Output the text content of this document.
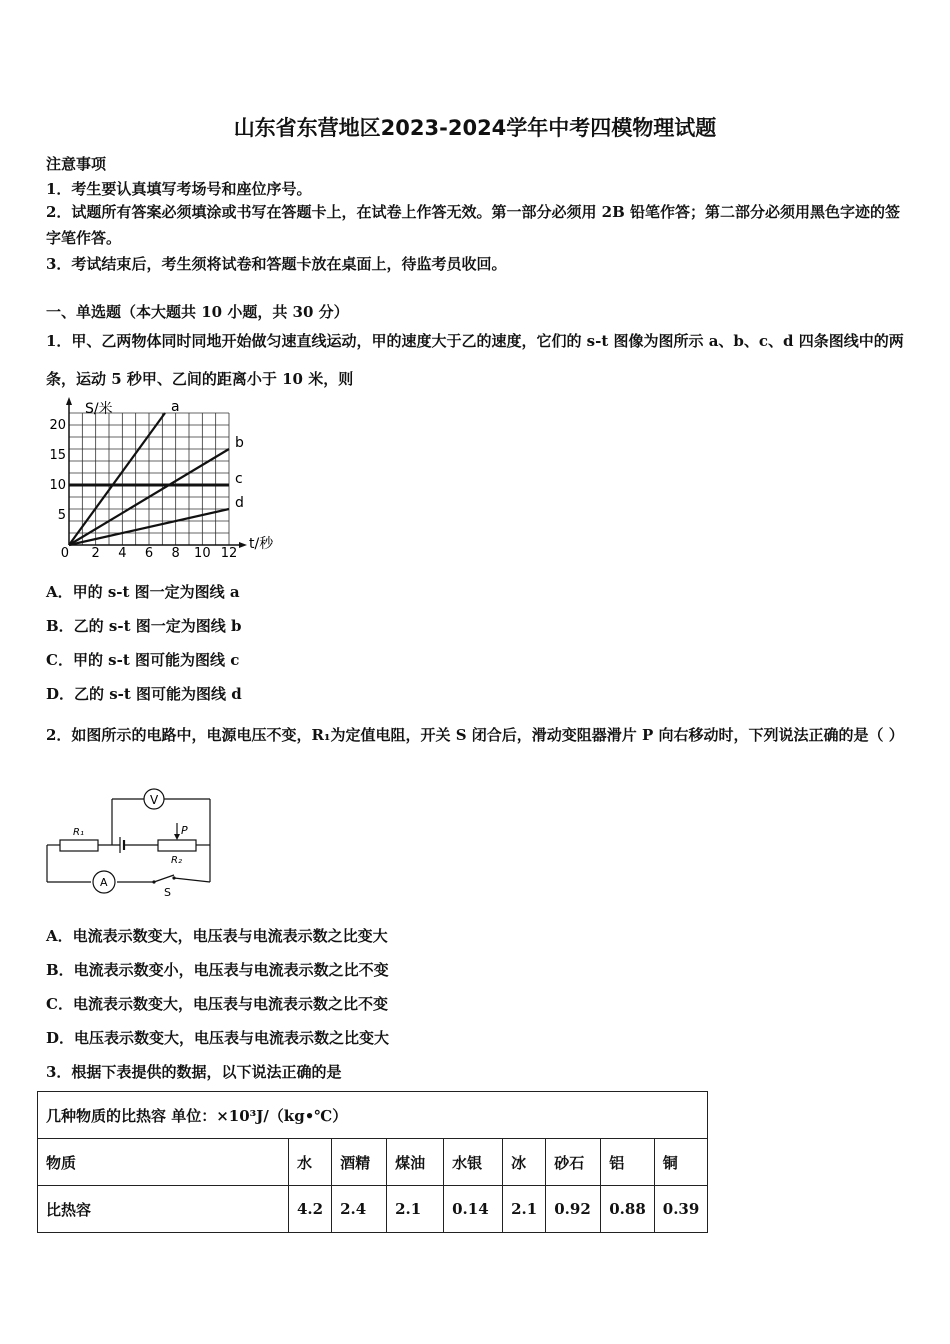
山东省东营地区2023-2024学年中考四模物理试题
注意事项
1．考生要认真填写考场号和座位序号。
2．试题所有答案必须填涂或书写在答题卡上，在试卷上作答无效。第一部分必须用 2B 铅笔作答；第二部分必须用黑色字迹的签字笔作答。
3．考试结束后，考生须将试卷和答题卡放在桌面上，待监考员收回。
一、单选题（本大题共 10 小题，共 30 分）
1．甲、乙两物体同时同地开始做匀速直线运动，甲的速度大于乙的速度，它们的 s-t 图像为图所示 a、b、c、d 四条图线中的两条，运动 5 秒甲、乙间的距离小于 10 米，则
S/米
t/秒
0 2 4 6 8 10 12
5
10
15
20
a
b
c
d
A．甲的 s-t 图一定为图线 a
B．乙的 s-t 图一定为图线 b
C．甲的 s-t 图可能为图线 c
D．乙的 s-t 图可能为图线 d
2．如图所示的电路中，电源电压不变，R₁为定值电阻，开关 S 闭合后，滑动变阻器滑片 P 向右移动时，下列说法正确的是（ ）
V
A
R₁
R₂
P
S
A．电流表示数变大，电压表与电流表示数之比变大
B．电流表示数变小，电压表与电流表示数之比不变
C．电流表示数变大，电压表与电流表示数之比不变
D．电压表示数变大，电压表与电流表示数之比变大
3．根据下表提供的数据，以下说法正确的是
几种物质的比热容 单位：×10³J/（kg•℃）								
物质	水	酒精	煤油	水银	冰	砂石	铝	铜
比热容	4.2	2.4	2.1	0.14	2.1	0.92	0.88	0.39
